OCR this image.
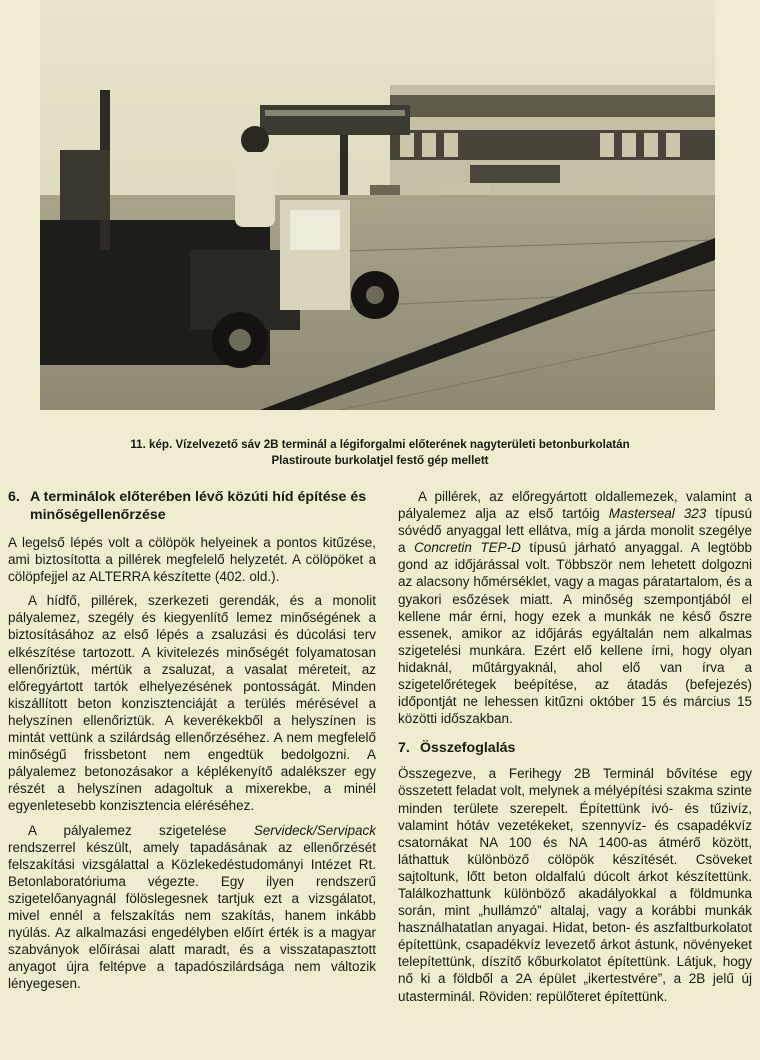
11. kép. Vízelvezető sáv 2B terminál a légiforgalmi előterének nagyterületi betonburkolatán
Plastiroute burkolatjel festő gép mellett
6. A terminálok előterében lévő közúti híd építése és minőségellenőrzése

A legelső lépés volt a cölöpök helyeinek a pontos kitűzése, ami biztosította a pillérek megfelelő helyzetét. A cölöpöket a cölöpfejjel az ALTERRA készítette (402. old.).

A hídfő, pillérek, szerkezeti gerendák, és a monolit pályalemez, szegély és kiegyenlítő lemez minőségének a biztosításához az első lépés a zsaluzási és dúcolási terv elkészítése tartozott. A kivitelezés minőségét folyamatosan ellenőriztük, mértük a zsaluzat, a vasalat méreteit, az előregyártott tartók elhelyezésének pontosságát. Minden kiszállított beton konzisztenciáját a terülés mérésével a helyszínen ellenőriztük. A keverékekből a helyszínen is mintát vettünk a szilárdság ellenőrzéséhez. A nem megfelelő minőségű frissbetont nem engedtük bedolgozni. A pályalemez betonozásakor a képlékenyítő adalékszer egy részét a helyszínen adagoltuk a mixerekbe, a minél egyenletesebb konzisztencia eléréséhez.

A pályalemez szigetelése Servideck/Servipack rendszerrel készült, amely tapadásának az ellenőrzését felszakítási vizsgálattal a Közlekedéstudományi Intézet Rt. Betonlaboratóriuma végezte. Egy ilyen rendszerű szigetelőanyagnál fölöslegesnek tartjuk ezt a vizsgálatot, mivel ennél a felszakítás nem szakítás, hanem inkább nyúlás. Az alkalmazási engedélyben előírt érték is a magyar szabványok előírásai alatt maradt, és a visszatapasztott anyagot újra feltépve a tapadószilárdsága nem változik lényegesen.

A pillérek, az előregyártott oldallemezek, valamint a pályalemez alja az első tartóig Masterseal 323 típusú sóvédő anyaggal lett ellátva, míg a járda monolit szegélye a Concretin TEP-D típusú járható anyaggal. A legtöbb gond az időjárással volt. Többször nem lehetett dolgozni az alacsony hőmérséklet, vagy a magas páratartalom, és a gyakori esőzések miatt. A minőség szempontjából el kellene már érni, hogy ezek a munkák ne késő őszre essenek, amikor az időjárás egyáltalán nem alkalmas szigetelési munkára. Ezért elő kellene írni, hogy olyan hidaknál, műtárgyaknál, ahol elő van írva a szigetelőrétegek beépítése, az átadás (befejezés) időpontját ne lehessen kitűzni október 15 és március 15 közötti időszakban.

7. Összefoglalás

Összegezve, a Ferihegy 2B Terminál bővítése egy összetett feladat volt, melynek a mélyépítési szakma szinte minden területe szerepelt. Építettünk ivó- és tűzivíz, valamint hótáv vezetékeket, szennyvíz- és csapadékvíz csatornákat NA 100 és NA 1400-as átmérő között, láthattuk különböző cölöpök készítését. Csöveket sajtoltunk, lőtt beton oldalfalú dúcolt árkot készítettünk. Találkozhattunk különböző akadályokkal a földmunka során, mint „hullámzó” altalaj, vagy a korábbi munkák használhatatlan anyagai. Hidat, beton- és aszfaltburkolatot építettünk, csapadékvíz levezető árkot ástunk, növényeket telepítettünk, díszítő kőburkolatot építettünk. Látjuk, hogy nő ki a földből a 2A épület „ikertestvére”, a 2B jelű új utasterminál. Röviden: repülőteret építettünk.
